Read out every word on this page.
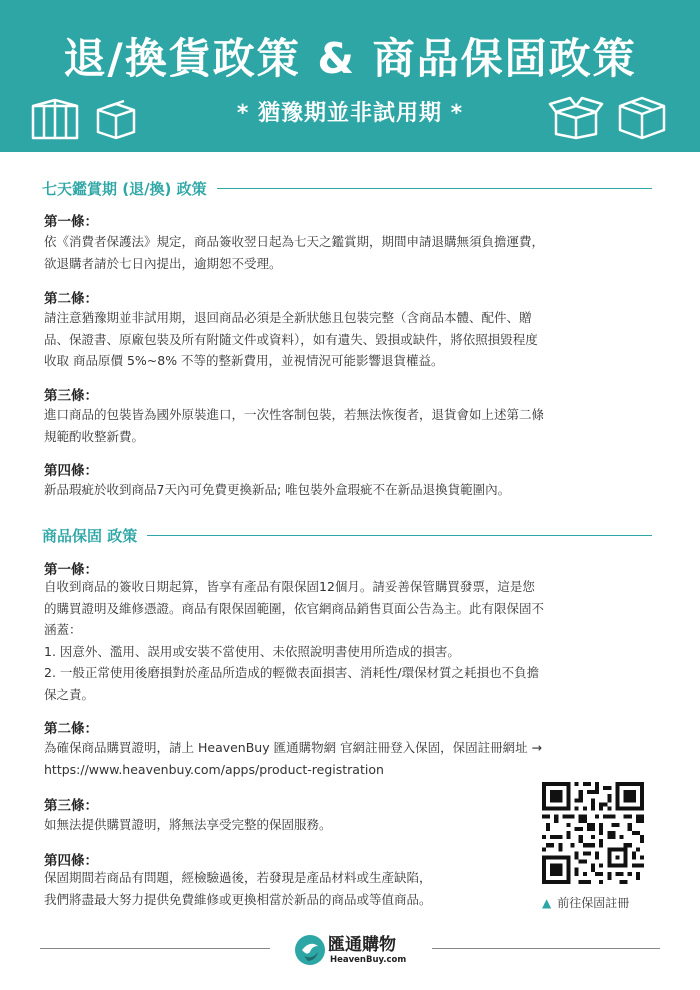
退/換貨政策 & 商品保固政策
* 猶豫期並非試用期 *
七天鑑賞期 (退/換) 政策
第一條：
依《消費者保護法》規定，商品簽收翌日起為七天之鑑賞期，期間申請退購無須負擔運費，
欲退購者請於七日內提出，逾期恕不受理。
第二條：
請注意猶豫期並非試用期，退回商品必須是全新狀態且包裝完整（含商品本體、配件、贈
品、保證書、原廠包裝及所有附隨文件或資料），如有遺失、毀損或缺件，將依照損毀程度
收取 商品原價 5%~8% 不等的整新費用，並視情況可能影響退貨權益。
第三條：
進口商品的包裝皆為國外原裝進口，一次性客制包裝，若無法恢復者，退貨會如上述第二條
規範酌收整新費。
第四條：
新品瑕疵於收到商品7天內可免費更換新品; 唯包裝外盒瑕疵不在新品退換貨範圍內。
商品保固 政策
第一條：
自收到商品的簽收日期起算，皆享有產品有限保固12個月。請妥善保管購買發票，這是您
的購買證明及維修憑證。商品有限保固範圍，依官網商品銷售頁面公告為主。此有限保固不
涵蓋：
1. 因意外、濫用、誤用或安裝不當使用、未依照說明書使用所造成的損害。
2. 一般正常使用後磨損對於產品所造成的輕微表面損害、消耗性/環保材質之耗損也不負擔
保之責。
第二條：
為確保商品購買證明，請上 HeavenBuy 匯通購物網 官網註冊登入保固，保固註冊網址 →
https://www.heavenbuy.com/apps/product-registration
第三條：
如無法提供購買證明，將無法享受完整的保固服務。
第四條：
保固期間若商品有問題，經檢驗過後，若發現是產品材料或生產缺陷，
我們將盡最大努力提供免費維修或更換相當於新品的商品或等值商品。	▲ 前往保固註冊
匯通購物
HeavenBuy.com
